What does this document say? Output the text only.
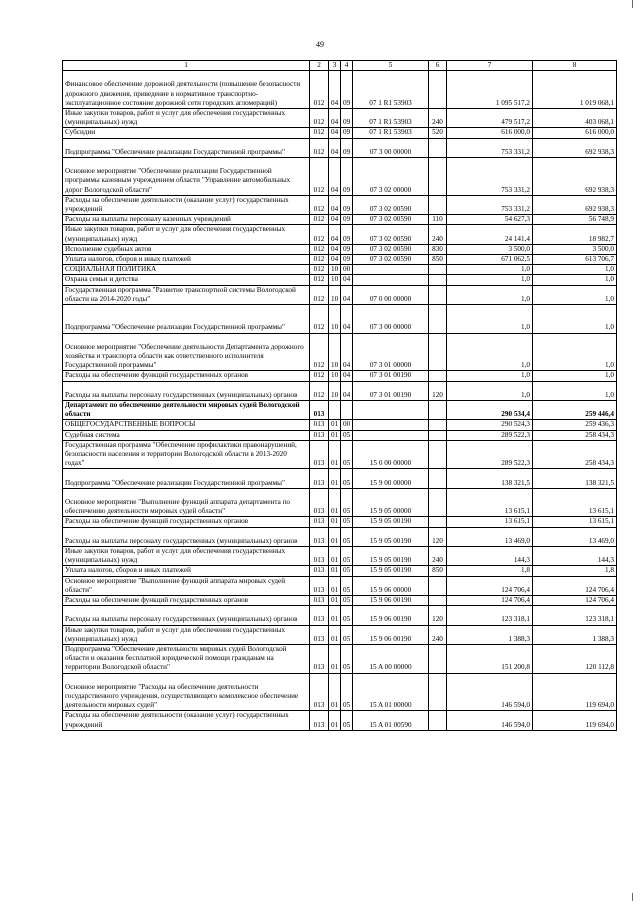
49
1	2	3	4	5	6	7	8
Финансовое обеспечение дорожной деятельности (повышение безопасности дорожного движения, приведение в нормативное транспортно-эксплуатационное состояние дорожной сети городских агломераций)	012	04	09	07 1 R1 53903		1 095 517,2	1 019 068,1
Иные закупки товаров, работ и услуг для обеспечения государственных (муниципальных) нужд	012	04	09	07 1 R1 53903	240	479 517,2	403 068,1
Субсидии	012	04	09	07 1 R1 53903	520	616 000,0	616 000,0
Подпрограмма "Обеспечение реализации Государственной программы"	012	04	09	07 3 00 00000		753 331,2	692 938,3
Основное мероприятие "Обеспечение реализации Государственной программы казенным учреждением области "Управление автомобильных дорог Вологодской области"	012	04	09	07 3 02 00000		753 331,2	692 938,3
Расходы на обеспечение деятельности (оказание услуг) государственных учреждений	012	04	09	07 3 02 00590		753 331,2	692 938,3
Расходы на выплаты персоналу казенных учреждений	012	04	09	07 3 02 00590	110	54 627,3	56 748,9
Иные закупки товаров, работ и услуг для обеспечения государственных (муниципальных) нужд	012	04	09	07 3 02 00590	240	24 141,4	18 982,7
Исполнение судебных актов	012	04	09	07 3 02 00590	830	3 500,0	3 500,0
Уплата налогов, сборов и иных платежей	012	04	09	07 3 02 00590	850	671 062,5	613 706,7
СОЦИАЛЬНАЯ ПОЛИТИКА	012	10	00			1,0	1,0
Охрана семьи и детства	012	10	04			1,0	1,0
Государственная программа "Развитие транспортной системы Вологодской области на 2014-2020 годы"	012	10	04	07 0 00 00000		1,0	1,0
Подпрограмма "Обеспечение реализации Государственной программы"	012	10	04	07 3 00 00000		1,0	1,0
Основное мероприятие "Обеспечение деятельности Департамента дорожного хозяйства и транспорта области как ответственного исполнителя Государственной программы"	012	10	04	07 3 01 00000		1,0	1,0
Расходы на обеспечение функций государственных органов	012	10	04	07 3 01 00190		1,0	1,0
Расходы на выплаты персоналу государственных (муниципальных) органов	012	10	04	07 3 01 00190	120	1,0	1,0
Департамент по обеспечению деятельности мировых судей Вологодской области	013					290 534,4	259 446,4
ОБЩЕГОСУДАРСТВЕННЫЕ ВОПРОСЫ	013	01	00			290 524,3	259 436,3
Судебная система	013	01	05			289 522,3	258 434,3
Государственная программа "Обеспечение профилактики правонарушений, безопасности населения и территории Вологодской области в 2013-2020 годах"	013	01	05	15 0 00 00000		289 522,3	258 434,3
Подпрограмма "Обеспечение реализации Государственной программы"	013	01	05	15 9 00 00000		138 321,5	138 321,5
Основное мероприятие "Выполнение функций аппарата департамента по обеспечению деятельности мировых судей области"	013	01	05	15 9 05 00000		13 615,1	13 615,1
Расходы на обеспечение функций государственных органов	013	01	05	15 9 05 00190		13 615,1	13 615,1
Расходы на выплаты персоналу государственных (муниципальных) органов	013	01	05	15 9 05 00190	120	13 469,0	13 469,0
Иные закупки товаров, работ и услуг для обеспечения государственных (муниципальных) нужд	013	01	05	15 9 05 00190	240	144,3	144,3
Уплата налогов, сборов и иных платежей	013	01	05	15 9 05 00190	850	1,8	1,8
Основное мероприятие "Выполнение функций аппарата мировых судей области"	013	01	05	15 9 06 00000		124 706,4	124 706,4
Расходы на обеспечение функций государственных органов	013	01	05	15 9 06 00190		124 706,4	124 706,4
Расходы на выплаты персоналу государственных (муниципальных) органов	013	01	05	15 9 06 00190	120	123 318,1	123 318,1
Иные закупки товаров, работ и услуг для обеспечения государственных (муниципальных) нужд	013	01	05	15 9 06 00190	240	1 388,3	1 388,3
Подпрограмма "Обеспечение деятельности мировых судей Вологодской области и оказания бесплатной юридической помощи гражданам на территории Вологодской области"	013	01	05	15 A 00 00000		151 200,8	120 112,8
Основное мероприятие "Расходы на обеспечение деятельности государственного учреждения, осуществляющего комплексное обеспечение деятельности мировых судей"	013	01	05	15 A 01 00000		146 594,0	119 694,0
Расходы на обеспечение деятельности (оказание услуг) государственных учреждений	013	01	05	15 A 01 00590		146 594,0	119 694,0
